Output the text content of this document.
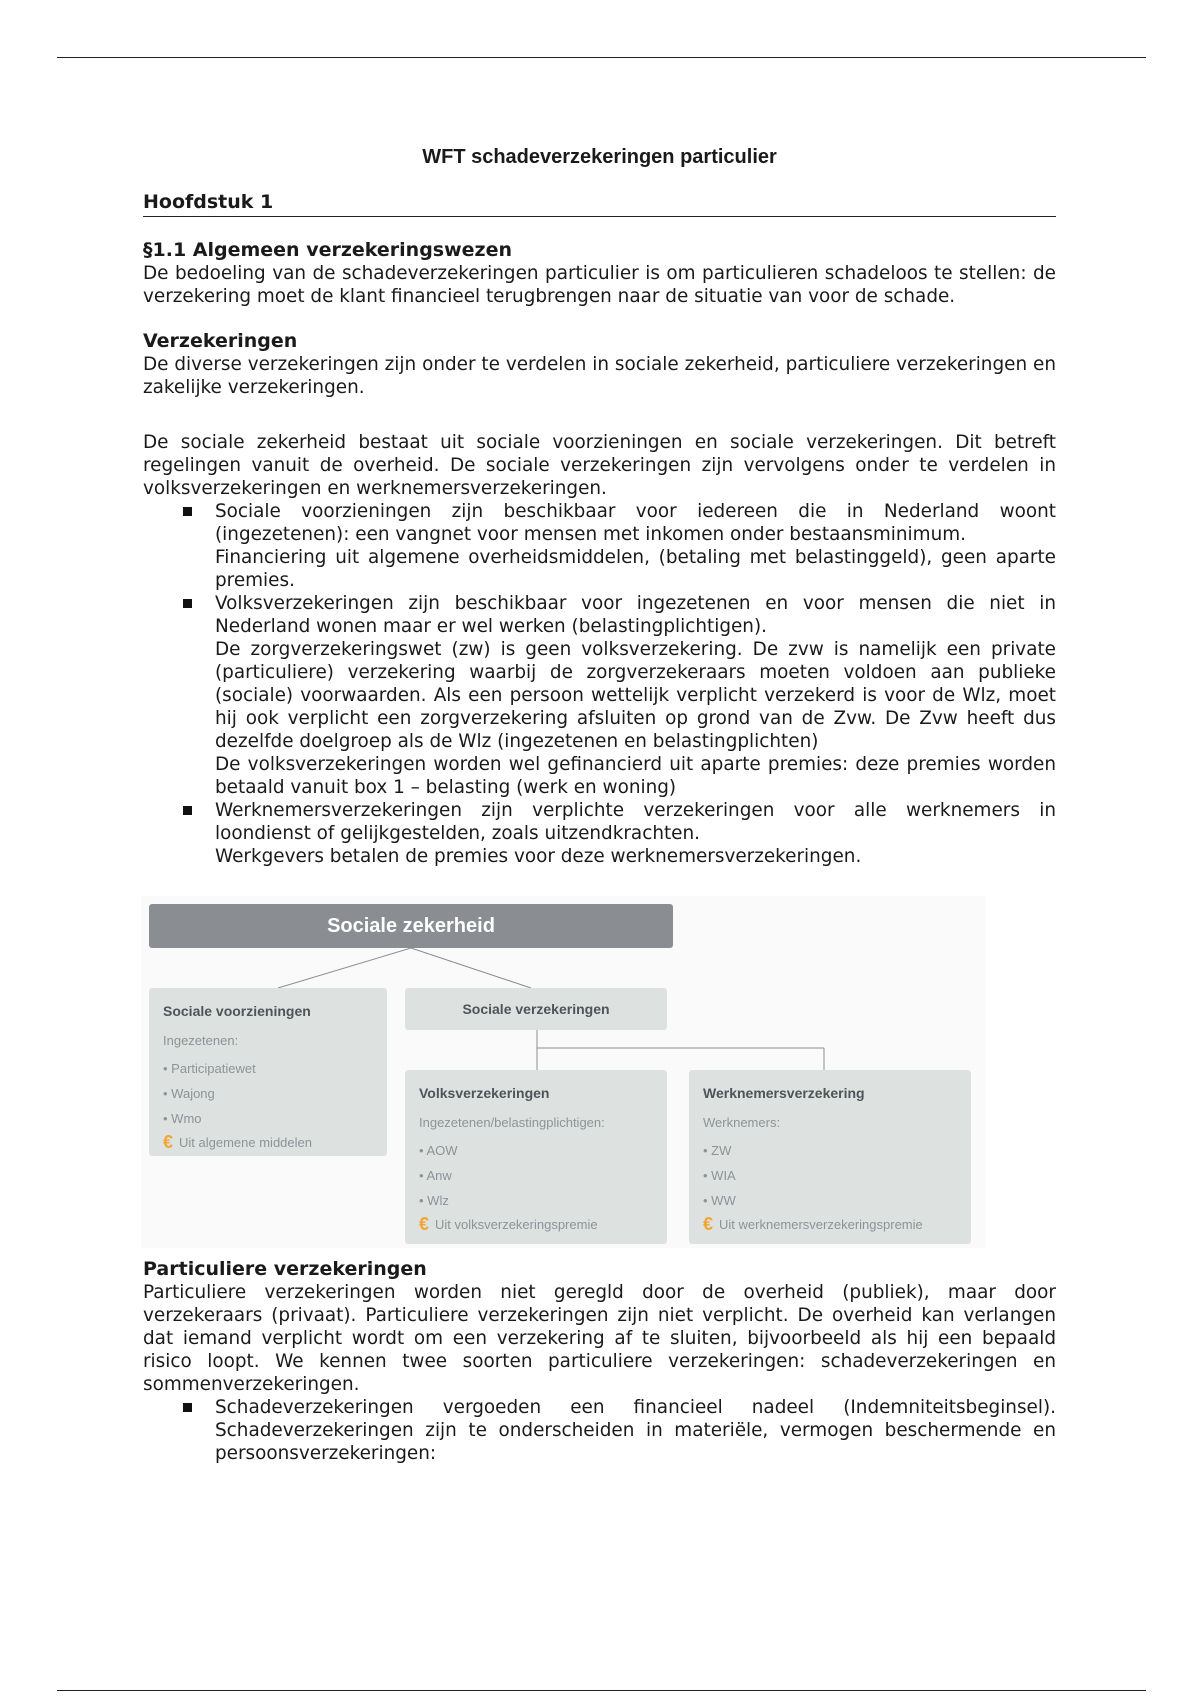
WFT schadeverzekeringen particulier
Hoofdstuk 1
§1.1 Algemeen verzekeringswezen

De bedoeling van de schadeverzekeringen particulier is om particulieren schadeloos te stellen: de verzekering moet de klant financieel terugbrengen naar de situatie van voor de schade.

Verzekeringen

De diverse verzekeringen zijn onder te verdelen in sociale zekerheid, particuliere verzekeringen en zakelijke verzekeringen.

De sociale zekerheid bestaat uit sociale voorzieningen en sociale verzekeringen. Dit betreft regelingen vanuit de overheid. De sociale verzekeringen zijn vervolgens onder te verdelen in volksverzekeringen en werknemersverzekeringen.

Sociale voorzieningen zijn beschikbaar voor iedereen die in Nederland woont (ingezetenen): een vangnet voor mensen met inkomen onder bestaansminimum.

Financiering uit algemene overheidsmiddelen, (betaling met belastinggeld), geen aparte premies.

Volksverzekeringen zijn beschikbaar voor ingezetenen en voor mensen die niet in Nederland wonen maar er wel werken (belastingplichtigen).

De zorgverzekeringswet (zw) is geen volksverzekering. De zvw is namelijk een private (particuliere) verzekering waarbij de zorgverzekeraars moeten voldoen aan publieke (sociale) voorwaarden. Als een persoon wettelijk verplicht verzekerd is voor de Wlz, moet hij ook verplicht een zorgverzekering afsluiten op grond van de Zvw. De Zvw heeft dus dezelfde doelgroep als de Wlz (ingezetenen en belastingplichten)

De volksverzekeringen worden wel gefinancierd uit aparte premies: deze premies worden betaald vanuit box 1 – belasting (werk en woning)

Werknemersverzekeringen zijn verplichte verzekeringen voor alle werknemers in loondienst of gelijkgestelden, zoals uitzendkrachten.

Werkgevers betalen de premies voor deze werknemersverzekeringen.

Sociale zekerheid
Sociale voorzieningen
Ingezetenen:
• Participatiewet
• Wajong
• Wmo
€ Uit algemene middelen
Sociale verzekeringen
Volksverzekeringen
Ingezetenen/belastingplichtigen:
• AOW
• Anw
• Wlz
€ Uit volksverzekeringspremie
Werknemersverzekering
Werknemers:
• ZW
• WIA
• WW
€ Uit werknemersverzekeringspremie
Particuliere verzekeringen

Particuliere verzekeringen worden niet geregld door de overheid (publiek), maar door verzekeraars (privaat). Particuliere verzekeringen zijn niet verplicht. De overheid kan verlangen dat iemand verplicht wordt om een verzekering af te sluiten, bijvoorbeeld als hij een bepaald risico loopt. We kennen twee soorten particuliere verzekeringen: schadeverzekeringen en sommenverzekeringen.

Schadeverzekeringen vergoeden een financieel nadeel (Indemniteitsbeginsel). Schadeverzekeringen zijn te onderscheiden in materiële, vermogen beschermende en persoonsverzekeringen:
